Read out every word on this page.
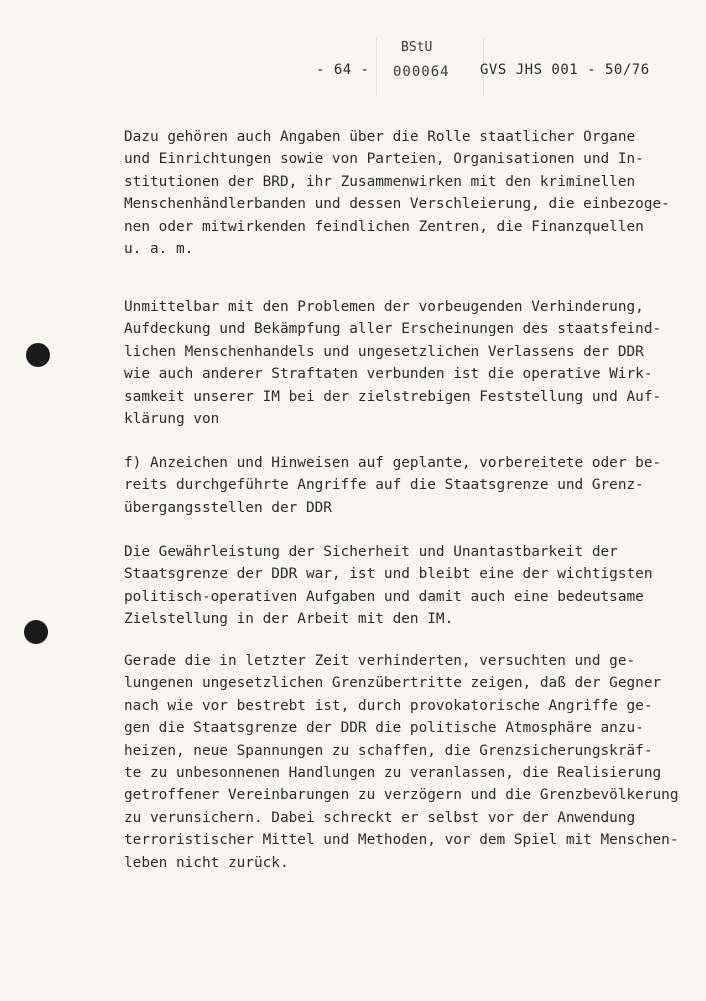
- 64 -
BStU
000064 GVS JHS 001 - 50/76
Dazu gehören auch Angaben über die Rolle staatlicher Organe
und Einrichtungen sowie von Parteien, Organisationen und In-
stitutionen der BRD, ihr Zusammenwirken mit den kriminellen
Menschenhändlerbanden und dessen Verschleierung, die einbezoge-
nen oder mitwirkenden feindlichen Zentren, die Finanzquellen
u. a. m.
Unmittelbar mit den Problemen der vorbeugenden Verhinderung,
Aufdeckung und Bekämpfung aller Erscheinungen des staatsfeind-
lichen Menschenhandels und ungesetzlichen Verlassens der DDR
wie auch anderer Straftaten verbunden ist die operative Wirk-
samkeit unserer IM bei der zielstrebigen Feststellung und Auf-
klärung von
f) Anzeichen und Hinweisen auf geplante, vorbereitete oder be-
reits durchgeführte Angriffe auf die Staatsgrenze und Grenz-
übergangsstellen der DDR
Die Gewährleistung der Sicherheit und Unantastbarkeit der
Staatsgrenze der DDR war, ist und bleibt eine der wichtigsten
politisch-operativen Aufgaben und damit auch eine bedeutsame
Zielstellung in der Arbeit mit den IM.
Gerade die in letzter Zeit verhinderten, versuchten und ge-
lungenen ungesetzlichen Grenzübertritte zeigen, daß der Gegner
nach wie vor bestrebt ist, durch provokatorische Angriffe ge-
gen die Staatsgrenze der DDR die politische Atmosphäre anzu-
heizen, neue Spannungen zu schaffen, die Grenzsicherungskräf-
te zu unbesonnenen Handlungen zu veranlassen, die Realisierung
getroffener Vereinbarungen zu verzögern und die Grenzbevölkerung
zu verunsichern. Dabei schreckt er selbst vor der Anwendung
terroristischer Mittel und Methoden, vor dem Spiel mit Menschen-
leben nicht zurück.
